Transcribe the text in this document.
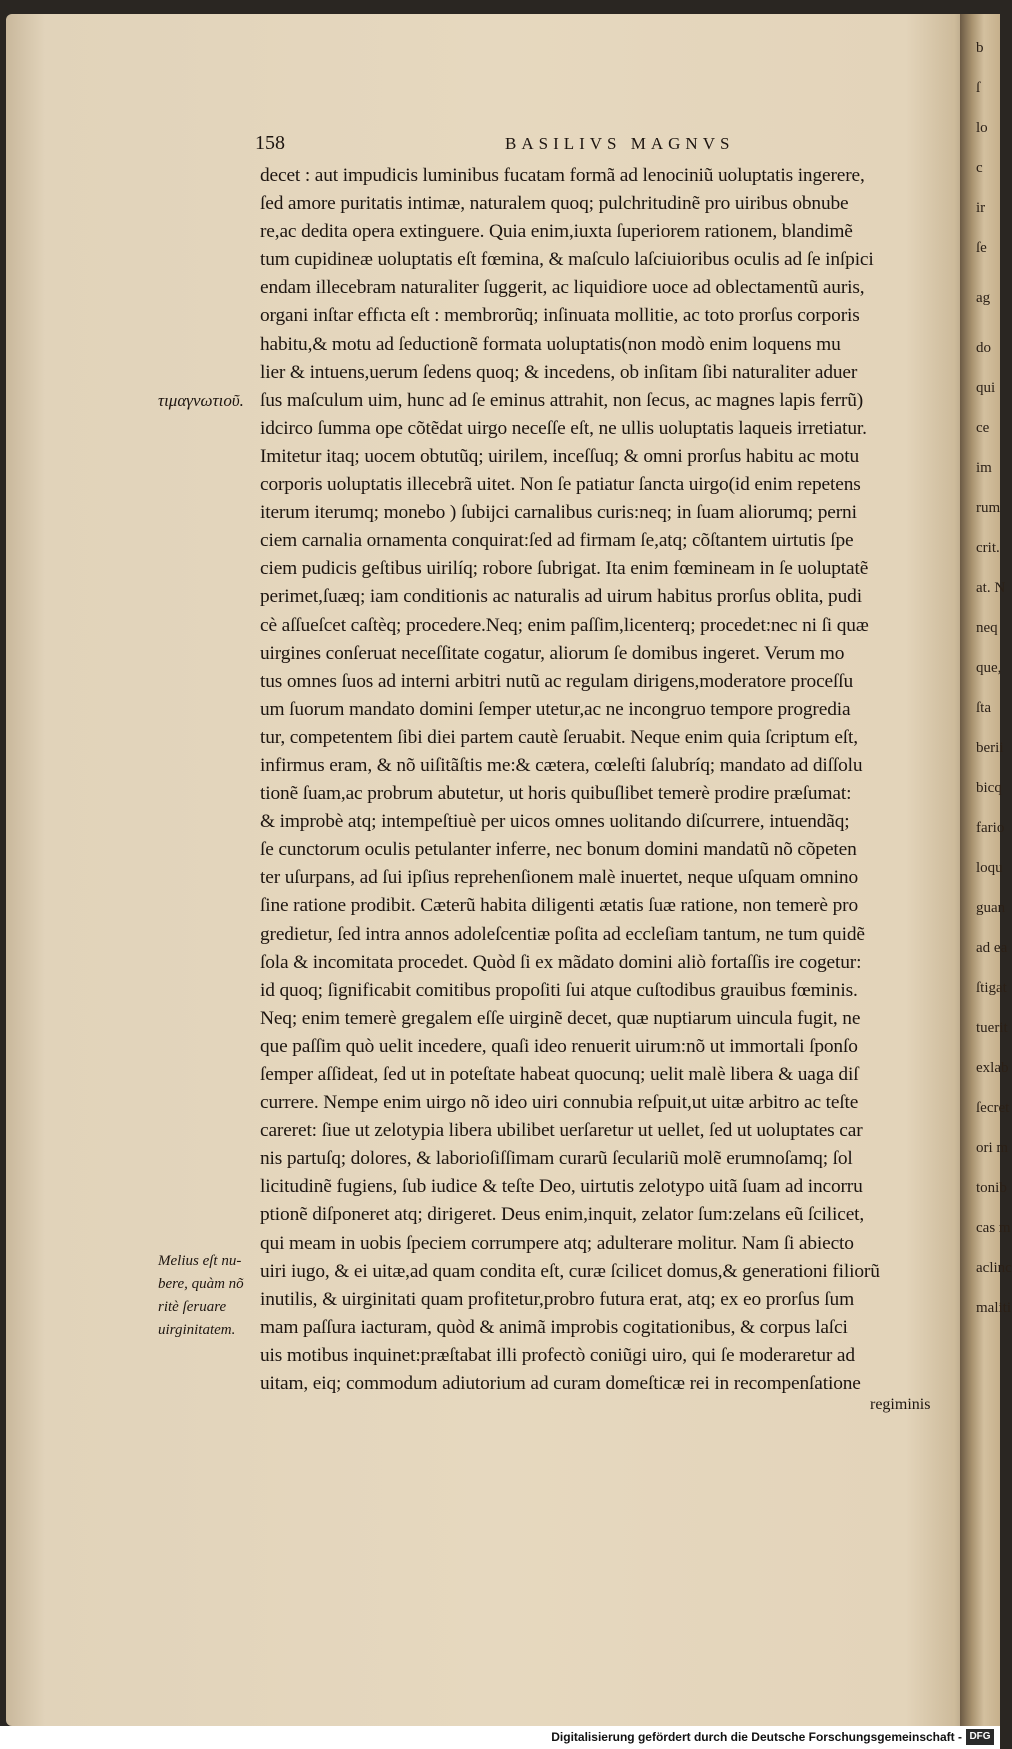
b
ſ
lo
c
ir
ſe
ag
do
qui
ce
im
rum
crit.
at. N
neq
que,
ſta
berii
bicq
fario
loqu
guan
ad ea
ſtigat
tuerit
exlab
ſecret
ori m
tonib
cas m
aclinc
maliti
158	BASILIVS MAGNVS
τιμαγνωτιοῦ.
Melius eſt nu-
bere, quàm nõ
ritè ſeruare
uirginitatem.
decet : aut impudicis luminibus fucatam formã ad lenociniũ uoluptatis ingerere,
ſed amore puritatis intimæ, naturalem quoq; pulchritudinẽ pro uiribus obnube
re,ac dedita opera extinguere. Quia enim,iuxta ſuperiorem rationem, blandimẽ
tum cupidineæ uoluptatis eſt fœmina, & maſculo laſciuioribus oculis ad ſe inſpici
endam illecebram naturaliter ſuggerit, ac liquidiore uoce ad oblectamentũ auris,
organi inſtar effıcta eſt : membrorũq; inſinuata mollitie, ac toto prorſus corporis
habitu,& motu ad ſeductionẽ formata uoluptatis(non modò enim loquens mu
lier & intuens,uerum ſedens quoq; & incedens, ob inſitam ſibi naturaliter aduer
ſus maſculum uim, hunc ad ſe eminus attrahit, non ſecus, ac magnes lapis ferrũ)
idcirco ſumma ope cõtẽdat uirgo neceſſe eſt, ne ullis uoluptatis laqueis irretiatur.
Imitetur itaq; uocem obtutũq; uirilem, inceſſuq; & omni prorſus habitu ac motu
corporis uoluptatis illecebrã uitet. Non ſe patiatur ſancta uirgo(id enim repetens
iterum iterumq; monebo ) ſubijci carnalibus curis:neq; in ſuam aliorumq; perni
ciem carnalia ornamenta conquirat:ſed ad firmam ſe,atq; cõſtantem uirtutis ſpe
ciem pudicis geſtibus uirilíq; robore ſubrigat. Ita enim fœmineam in ſe uoluptatẽ
perimet,ſuæq; iam conditionis ac naturalis ad uirum habitus prorſus oblita, pudi
cè aſſueſcet caſtèq; procedere.Neq; enim paſſim,licenterq; procedet:nec ni ſi quæ
uirgines conſeruat neceſſitate cogatur, aliorum ſe domibus ingeret. Verum mo
tus omnes ſuos ad interni arbitri nutũ ac regulam dirigens,moderatore proceſſu
um ſuorum mandato domini ſemper utetur,ac ne incongruo tempore progredia
tur, competentem ſibi diei partem cautè ſeruabit. Neque enim quia ſcriptum eſt,
infirmus eram, & nõ uiſitãſtis me:& cætera, cœleſti ſalubríq; mandato ad diſſolu
tionẽ ſuam,ac probrum abutetur, ut horis quibuſlibet temerè prodire præſumat:
& improbè atq; intempeſtiuè per uicos omnes uolitando diſcurrere, intuendãq;
ſe cunctorum oculis petulanter inferre, nec bonum domini mandatũ nõ cõpeten
ter uſurpans, ad ſui ipſius reprehenſionem malè inuertet, neque uſquam omnino
ſine ratione prodibit. Cæterũ habita diligenti ætatis ſuæ ratione, non temerè pro
gredietur, ſed intra annos adoleſcentiæ poſita ad eccleſiam tantum, ne tum quidẽ
ſola & incomitata procedet. Quòd ſi ex mãdato domini aliò fortaſſis ire cogetur:
id quoq; ſignificabit comitibus propoſiti ſui atque cuſtodibus grauibus fœminis.
Neq; enim temerè gregalem eſſe uirginẽ decet, quæ nuptiarum uincula fugit, ne
que paſſim quò uelit incedere, quaſi ideo renuerit uirum:nõ ut immortali ſponſo
ſemper aſſideat, ſed ut in poteſtate habeat quocunq; uelit malè libera & uaga diſ
currere. Nempe enim uirgo nõ ideo uiri connubia reſpuit,ut uitæ arbitro ac teſte
careret: ſiue ut zelotypia libera ubilibet uerſaretur ut uellet, ſed ut uoluptates car
nis partuſq; dolores, & laborioſiſſimam curarũ ſeculariũ molẽ erumnoſamq; ſol
licitudinẽ fugiens, ſub iudice & teſte Deo, uirtutis zelotypo uitã ſuam ad incorru
ptionẽ diſponeret atq; dirigeret. Deus enim,inquit, zelator ſum:zelans eũ ſcilicet,
qui meam in uobis ſpeciem corrumpere atq; adulterare molitur. Nam ſi abiecto
uiri iugo, & ei uitæ,ad quam condita eſt, curæ ſcilicet domus,& generationi filiorũ
inutilis, & uirginitati quam profitetur,probro futura erat, atq; ex eo prorſus ſum
mam paſſura iacturam, quòd & animã improbis cogitationibus, & corpus laſci
uis motibus inquinet:præſtabat illi profectò coniũgi uiro, qui ſe moderaretur ad
uitam, eiq; commodum adiutorium ad curam domeſticæ rei in recompenſatione
regiminis
Digitalisierung gefördert durch die Deutsche Forschungsgemeinschaft - DFG
